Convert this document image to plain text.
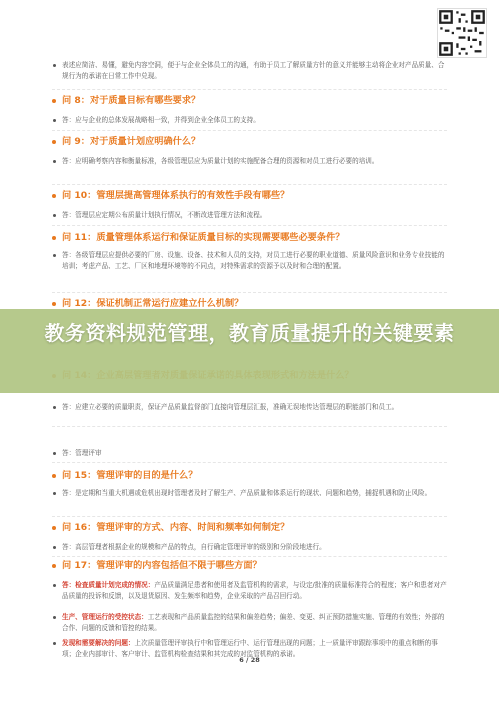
表述应简洁、易懂，避免内容空洞，便于与企业全体员工的沟通，有助于员工了解质量方针的意义并能够主动将企业对产品质量、合规行为的承诺在日常工作中兑现。
问 8：对于质量目标有哪些要求？
答：应与企业的总体发展战略相一致，并得到企业全体员工的支持。
问 9：对于质量计划应明确什么？
答：应明确考察内容和衡量标准，各级管理层应为质量计划的实施配备合理的资源和对员工进行必要的培训。
问 10：管理层提高管理体系执行的有效性手段有哪些？
答：管理层应定期公布质量计划执行情况，不断改进管理方法和流程。
问 11：质量管理体系运行和保证质量目标的实现需要哪些必要条件？
答：各级管理层应提供必要的厂房、设施、设备、技术和人员的支持，对员工进行必要的职业道德、质量风险意识和业务专业技能的培训；考虑产品、工艺、厂区和地理环境等的不同点，对特殊需求的资源予以及时和合理的配置。
问 12：保证机制正常运行应建立什么机制？
答：应建立必要的质量职责，保证产品质量监督部门直接向管理层汇报，准确无误地传达管理层的职能部门和员工。
答：管理评审
问 15：管理评审的目的是什么？
答：是定期和当重大机遇或危机出现时管理者及时了解生产、产品质量和体系运行的现状、问题和趋势，捕捉机遇和防止风险。
问 16：管理评审的方式、内容、时间和频率如何制定？
答：高层管理者根据企业的规模和产品的特点，自行确定管理评审的级别和分阶段地进行。
问 17：管理评审的内容包括但不限于哪些方面？
答：检查质量计划完成的情况：产品质量满足患者和使用者及监管机构的需求，与设定/批准的质量标准符合的程度；客户和患者对产品质量的投诉和反馈，以及退货原因、发生频率和趋势，企业采取的产品召回行动。
生产、管理运行的受控状态：工艺表现和产品质量监控的结果和偏差趋势；偏差、变更、纠正预防措施实施、管理的有效性；外部的合作、问题的反馈和管控的结果。
发现和需要解决的问题：上次质量管理评审执行中和管理运行中、运行管理出现的问题；上一质量评审跟踪事项中的重点和断的事项；企业内部审计、客户审计、监管机构检查结果和其完成的对监管机构的承诺。
教务资料规范管理，教育质量提升的关键要素
6 / 28
